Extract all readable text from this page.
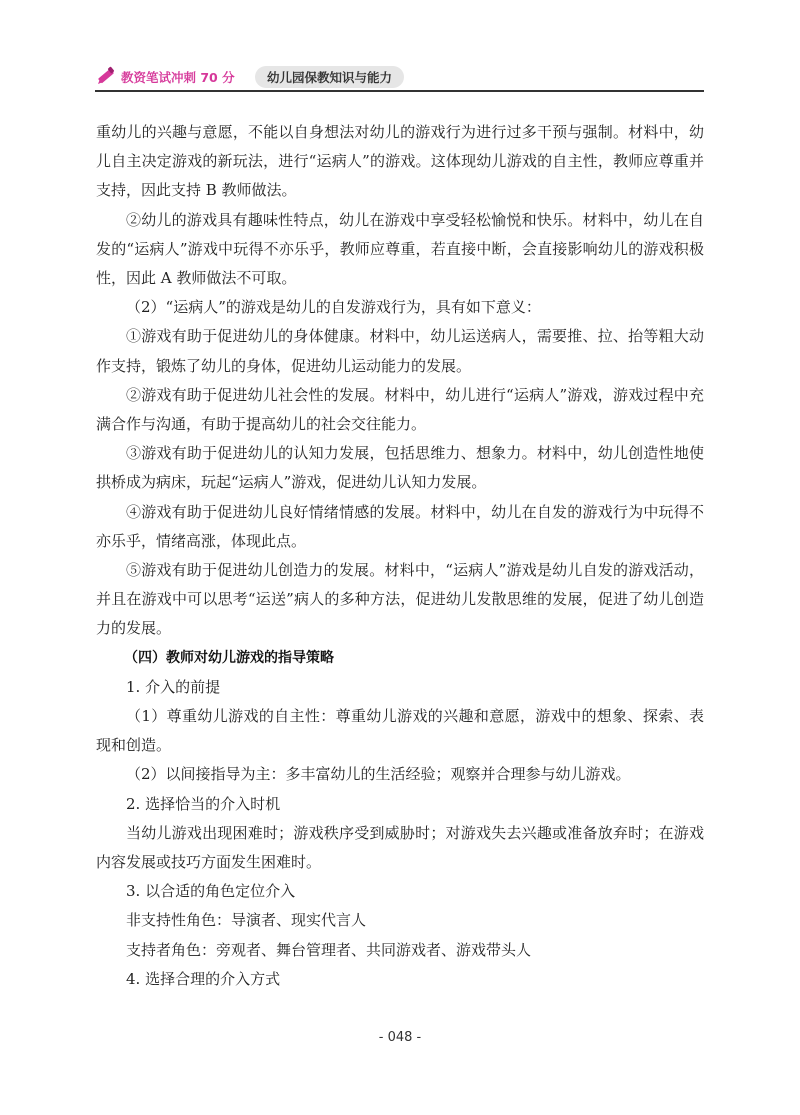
教资笔试冲刺 70 分	幼儿园保教知识与能力

重幼儿的兴趣与意愿，不能以自身想法对幼儿的游戏行为进行过多干预与强制。材料中，幼儿自主决定游戏的新玩法，进行“运病人”的游戏。这体现幼儿游戏的自主性，教师应尊重并支持，因此支持 B 教师做法。

②幼儿的游戏具有趣味性特点，幼儿在游戏中享受轻松愉悦和快乐。材料中，幼儿在自发的“运病人”游戏中玩得不亦乐乎，教师应尊重，若直接中断，会直接影响幼儿的游戏积极性，因此 A 教师做法不可取。

（2）“运病人”的游戏是幼儿的自发游戏行为，具有如下意义：

①游戏有助于促进幼儿的身体健康。材料中，幼儿运送病人，需要推、拉、抬等粗大动作支持，锻炼了幼儿的身体，促进幼儿运动能力的发展。

②游戏有助于促进幼儿社会性的发展。材料中，幼儿进行“运病人”游戏，游戏过程中充满合作与沟通，有助于提高幼儿的社会交往能力。

③游戏有助于促进幼儿的认知力发展，包括思维力、想象力。材料中，幼儿创造性地使拱桥成为病床，玩起“运病人”游戏，促进幼儿认知力发展。

④游戏有助于促进幼儿良好情绪情感的发展。材料中，幼儿在自发的游戏行为中玩得不亦乐乎，情绪高涨，体现此点。

⑤游戏有助于促进幼儿创造力的发展。材料中，“运病人”游戏是幼儿自发的游戏活动，并且在游戏中可以思考“运送”病人的多种方法，促进幼儿发散思维的发展，促进了幼儿创造力的发展。

（四）教师对幼儿游戏的指导策略

1. 介入的前提

（1）尊重幼儿游戏的自主性：尊重幼儿游戏的兴趣和意愿，游戏中的想象、探索、表现和创造。

（2）以间接指导为主：多丰富幼儿的生活经验；观察并合理参与幼儿游戏。

2. 选择恰当的介入时机

当幼儿游戏出现困难时；游戏秩序受到威胁时；对游戏失去兴趣或准备放弃时；在游戏内容发展或技巧方面发生困难时。

3. 以合适的角色定位介入

非支持性角色：导演者、现实代言人

支持者角色：旁观者、舞台管理者、共同游戏者、游戏带头人

4. 选择合理的介入方式

- 048 -
